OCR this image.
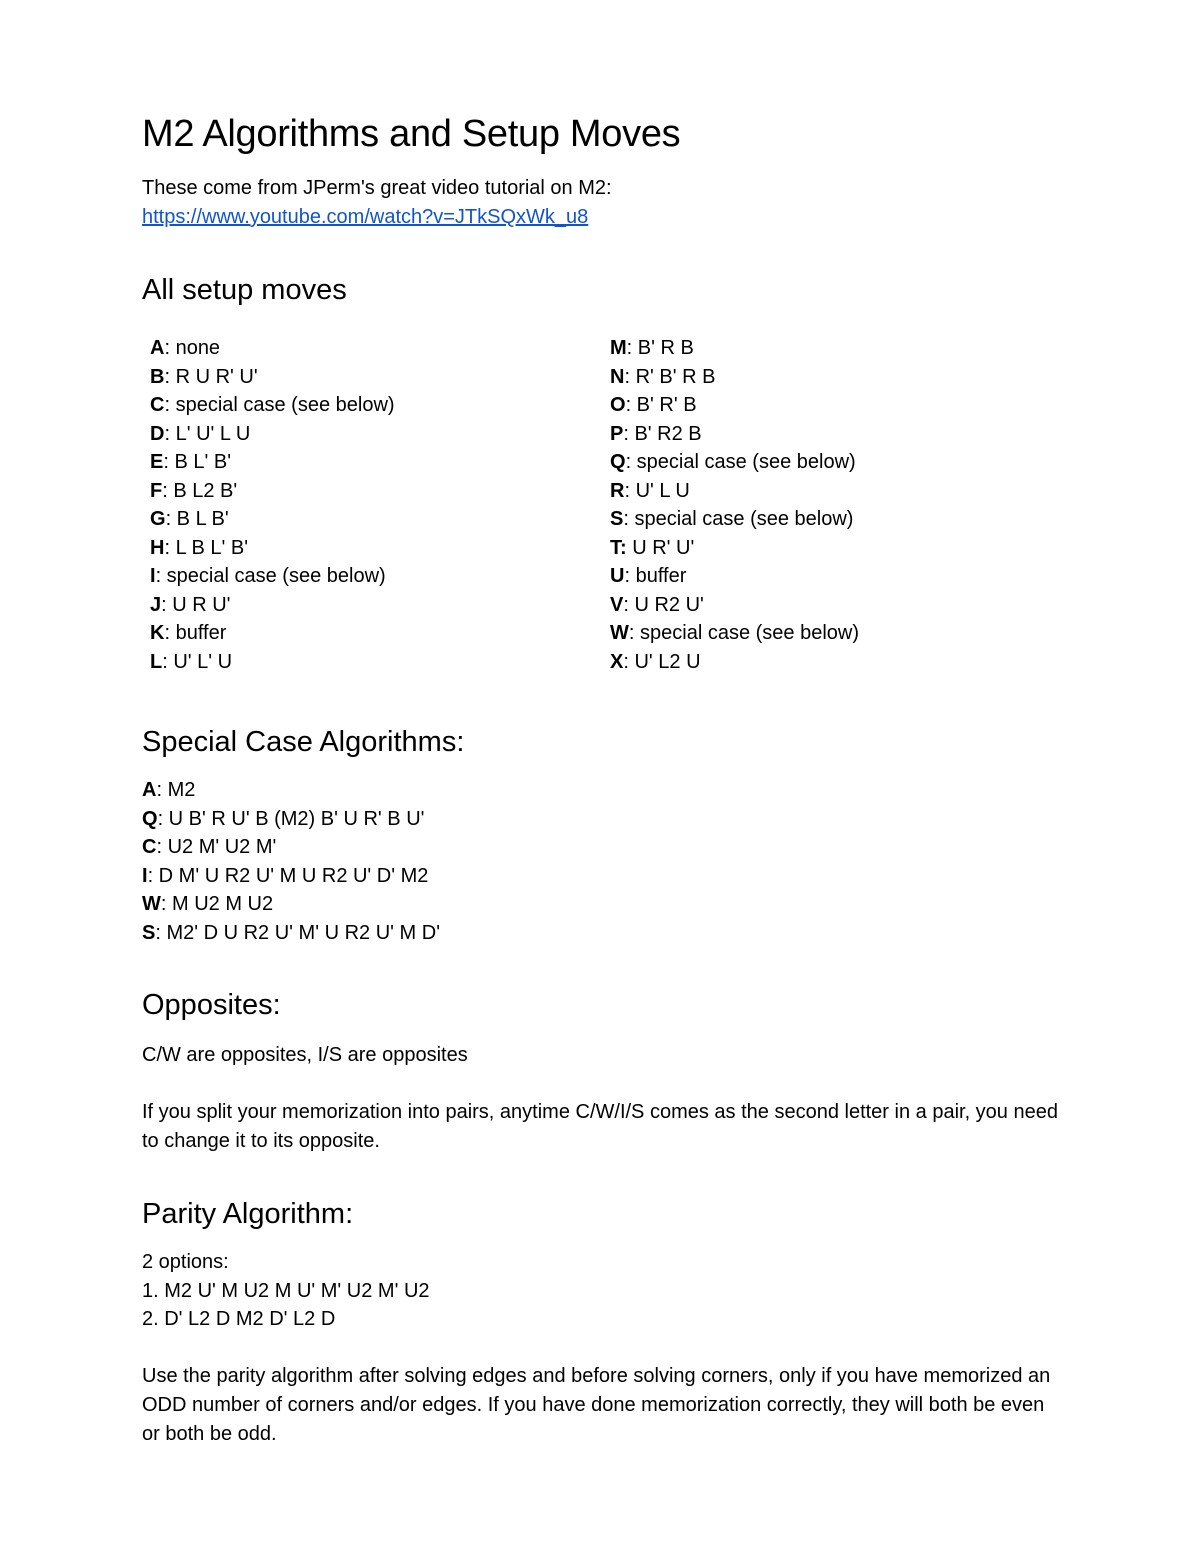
M2 Algorithms and Setup Moves
These come from JPerm's great video tutorial on M2:
https://www.youtube.com/watch?v=JTkSQxWk_u8
All setup moves
A: none
B: R U R' U'
C: special case (see below)
D: L' U' L U
E: B L' B'
F: B L2 B'
G: B L B'
H: L B L' B'
I: special case (see below)
J: U R U'
K: buffer
L: U' L' U
M: B' R B
N: R' B' R B
O: B' R' B
P: B' R2 B
Q: special case (see below)
R: U' L U
S: special case (see below)
T: U R' U'
U: buffer
V: U R2 U'
W: special case (see below)
X: U' L2 U
Special Case Algorithms:
A: M2
Q: U B' R U' B (M2) B' U R' B U'
C: U2 M' U2 M'
I: D M' U R2 U' M U R2 U' D' M2
W: M U2 M U2
S: M2' D U R2 U' M' U R2 U' M D'
Opposites:

C/W are opposites, I/S are opposites

If you split your memorization into pairs, anytime C/W/I/S comes as the second letter in a pair, you need to change it to its opposite.

Parity Algorithm:
2 options:
1. M2 U' M U2 M U' M' U2 M' U2
2. D' L2 D M2 D' L2 D

Use the parity algorithm after solving edges and before solving corners, only if you have memorized an ODD number of corners and/or edges. If you have done memorization correctly, they will both be even or both be odd.
